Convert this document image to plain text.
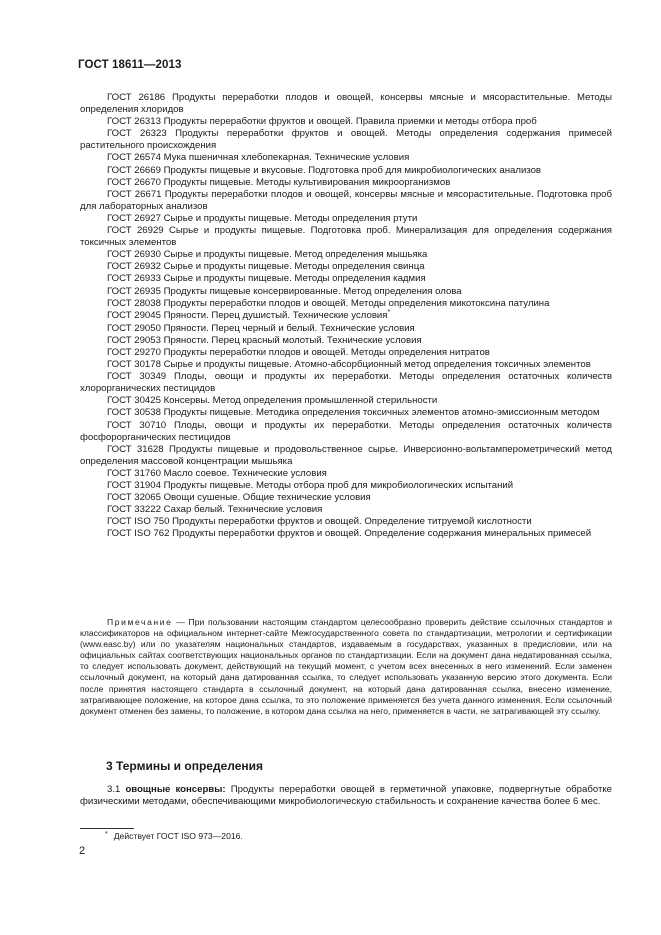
ГОСТ 18611—2013

ГОСТ 26186 Продукты переработки плодов и овощей, консервы мясные и мясорастительные. Методы определения хлоридов

ГОСТ 26313 Продукты переработки фруктов и овощей. Правила приемки и методы отбора проб

ГОСТ 26323 Продукты переработки фруктов и овощей. Методы определения содержания примесей растительного происхождения

ГОСТ 26574 Мука пшеничная хлебопекарная. Технические условия

ГОСТ 26669 Продукты пищевые и вкусовые. Подготовка проб для микробиологических анализов

ГОСТ 26670 Продукты пищевые. Методы культивирования микроорганизмов

ГОСТ 26671 Продукты переработки плодов и овощей, консервы мясные и мясорастительные. Подготовка проб для лабораторных анализов

ГОСТ 26927 Сырье и продукты пищевые. Методы определения ртути

ГОСТ 26929 Сырье и продукты пищевые. Подготовка проб. Минерализация для определения содержания токсичных элементов

ГОСТ 26930 Сырье и продукты пищевые. Метод определения мышьяка

ГОСТ 26932 Сырье и продукты пищевые. Методы определения свинца

ГОСТ 26933 Сырье и продукты пищевые. Методы определения кадмия

ГОСТ 26935 Продукты пищевые консервированные. Метод определения олова

ГОСТ 28038 Продукты переработки плодов и овощей. Методы определения микотоксина патулина

ГОСТ 29045 Пряности. Перец душистый. Технические условия*

ГОСТ 29050 Пряности. Перец черный и белый. Технические условия

ГОСТ 29053 Пряности. Перец красный молотый. Технические условия

ГОСТ 29270 Продукты переработки плодов и овощей. Методы определения нитратов

ГОСТ 30178 Сырье и продукты пищевые. Атомно-абсорбционный метод определения токсичных элементов

ГОСТ 30349 Плоды, овощи и продукты их переработки. Методы определения остаточных количеств хлорорганических пестицидов

ГОСТ 30425 Консервы. Метод определения промышленной стерильности

ГОСТ 30538 Продукты пищевые. Методика определения токсичных элементов атомно-эмиссионным методом

ГОСТ 30710 Плоды, овощи и продукты их переработки. Методы определения остаточных количеств фосфорорганических пестицидов

ГОСТ 31628 Продукты пищевые и продовольственное сырье. Инверсионно-вольтамперометрический метод определения массовой концентрации мышьяка

ГОСТ 31760 Масло соевое. Технические условия

ГОСТ 31904 Продукты пищевые. Методы отбора проб для микробиологических испытаний

ГОСТ 32065 Овощи сушеные. Общие технические условия

ГОСТ 33222 Сахар белый. Технические условия

ГОСТ ISO 750 Продукты переработки фруктов и овощей. Определение титруемой кислотности

ГОСТ ISO 762 Продукты переработки фруктов и овощей. Определение содержания минеральных примесей

Примечание — При пользовании настоящим стандартом целесообразно проверить действие ссылочных стандартов и классификаторов на официальном интернет-сайте Межгосударственного совета по стандартизации, метрологии и сертификации (www.easc.by) или по указателям национальных стандартов, издаваемым в государствах, указанных в предисловии, или на официальных сайтах соответствующих национальных органов по стандартизации. Если на документ дана недатированная ссылка, то следует использовать документ, действующий на текущий момент, с учетом всех внесенных в него изменений. Если заменен ссылочный документ, на который дана датированная ссылка, то следует использовать указанную версию этого документа. Если после принятия настоящего стандарта в ссылочный документ, на который дана датированная ссылка, внесено изменение, затрагивающее положение, на которое дана ссылка, то это положение применяется без учета данного изменения. Если ссылочный документ отменен без замены, то положение, в котором дана ссылка на него, применяется в части, не затрагивающей эту ссылку.

3 Термины и определения

3.1 овощные консервы: Продукты переработки овощей в герметичной упаковке, подвергнутые обработке физическими методами, обеспечивающими микробиологическую стабильность и сохранение качества более 6 мес.

* Действует ГОСТ ISO 973—2016.

2
